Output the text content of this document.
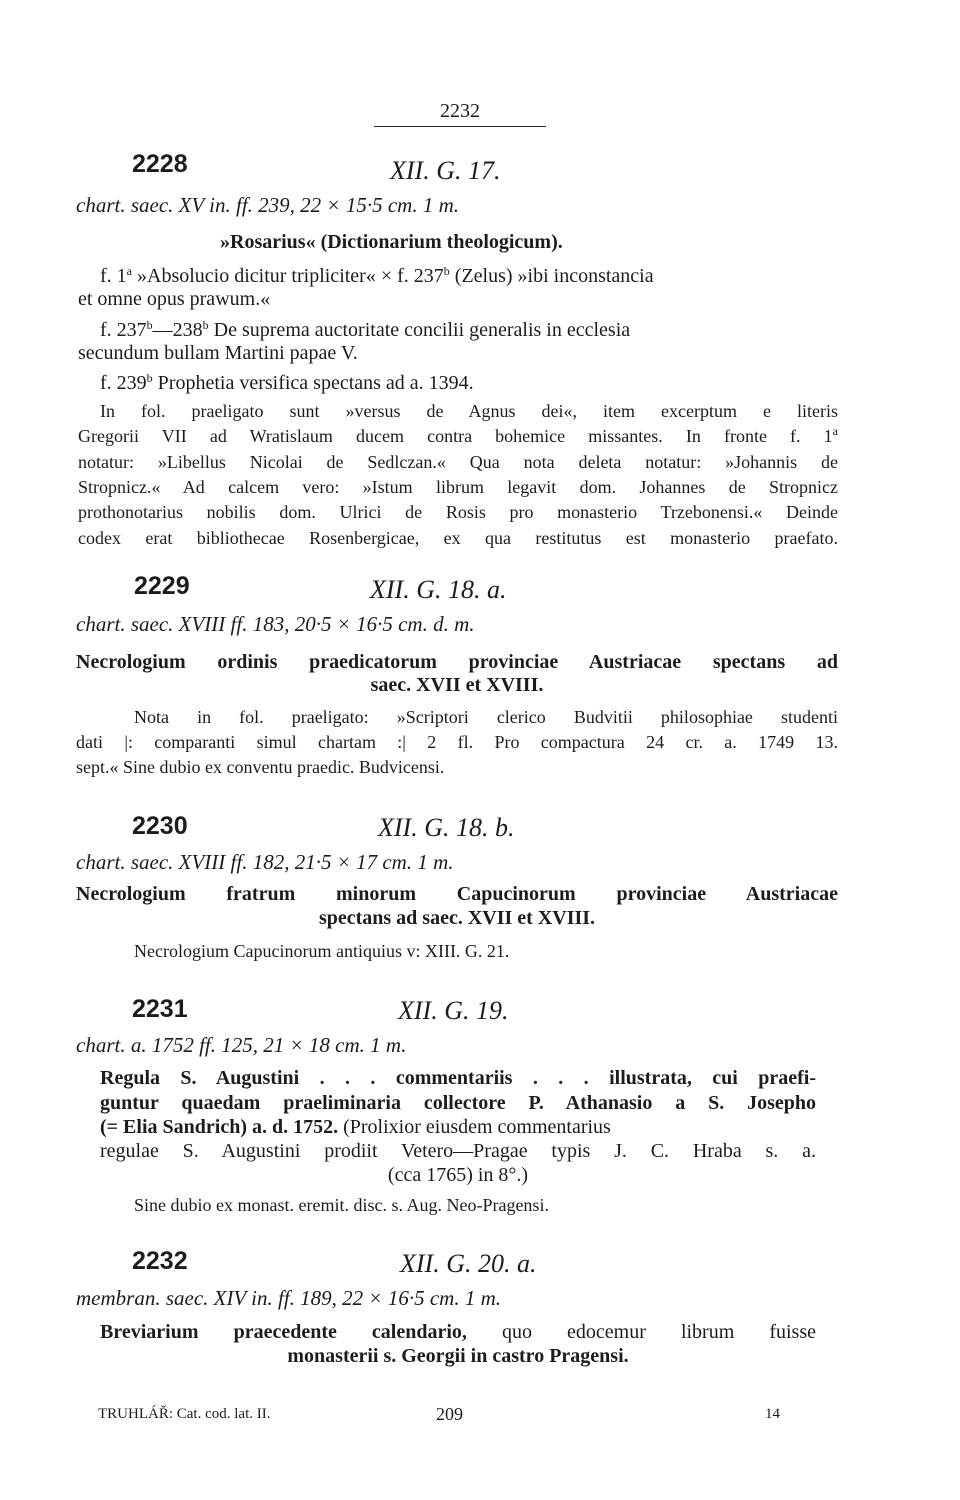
2232
2228	XII. G. 17.
chart. saec. XV in. ff. 239, 22 × 15·5 cm. 1 m.
»Rosarius« (Dictionarium theologicum).
f. 1$^a$ »Absolucio dicitur tripliciter« × f. 237$^b$ (Zelus) »ibi inconstancia
et omne opus prawum.«
f. 237$^b$—238$^b$ De suprema auctoritate concilii generalis in ecclesia
secundum bullam Martini papae V.
f. 239$^b$ Prophetia versifica spectans ad a. 1394.
In fol. praeligato sunt »versus de Agnus dei«, item excerptum e literis
Gregorii VII ad Wratislaum ducem contra bohemice missantes. In fronte f. 1$^a$
notatur: »Libellus Nicolai de Sedlczan.« Qua nota deleta notatur: »Johannis de
Stropnicz.« Ad calcem vero: »Istum librum legavit dom. Johannes de Stropnicz
prothonotarius nobilis dom. Ulrici de Rosis pro monasterio Trzebonensi.« Deinde
codex erat bibliothecae Rosenbergicae, ex qua restitutus est monasterio praefato.
2229	XII. G. 18. a.
chart. saec. XVIII ff. 183, 20·5 × 16·5 cm. d. m.
Necrologium ordinis praedicatorum provinciae Austriacae spectans ad
saec. XVII et XVIII.
Nota in fol. praeligato: »Scriptori clerico Budvitii philosophiae studenti
dati |: comparanti simul chartam :| 2 fl. Pro compactura 24 cr. a. 1749 13.
sept.« Sine dubio ex conventu praedic. Budvicensi.
2230	XII. G. 18. b.
chart. saec. XVIII ff. 182, 21·5 × 17 cm. 1 m.
Necrologium fratrum minorum Capucinorum provinciae Austriacae
spectans ad saec. XVII et XVIII.
Necrologium Capucinorum antiquius v: XIII. G. 21.
2231	XII. G. 19.
chart. a. 1752 ff. 125, 21 × 18 cm. 1 m.
Regula S. Augustini . . . commentariis . . . illustrata, cui praefi-
guntur quaedam praeliminaria collectore P. Athanasio a S. Josepho
(= Elia Sandrich) a. d. 1752. (Prolixior eiusdem commentarius
regulae S. Augustini prodiit Vetero—Pragae typis J. C. Hraba s. a.
(cca 1765) in 8°.)
Sine dubio ex monast. eremit. disc. s. Aug. Neo-Pragensi.
2232	XII. G. 20. a.
membran. saec. XIV in. ff. 189, 22 × 16·5 cm. 1 m.
Breviarium praecedente calendario, quo edocemur librum fuisse
monasterii s. Georgii in castro Pragensi.
TRUHLÁŘ: Cat. cod. lat. II.	209	14
